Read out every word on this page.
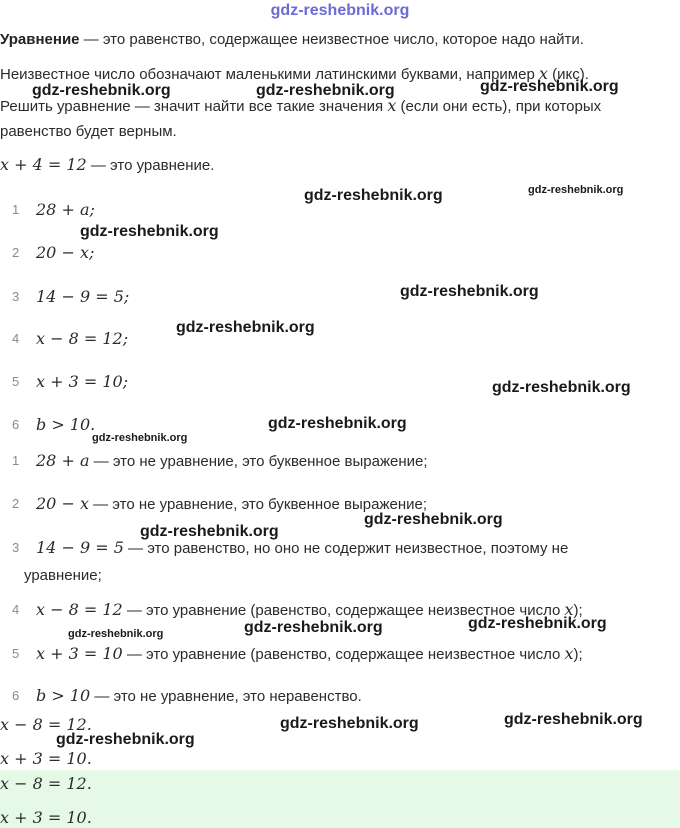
gdz-reshebnik.org
Уравнение — это равенство, содержащее неизвестное число, которое надо найти.
Неизвестное число обозначают маленькими латинскими буквами, например x (икс).
Решить уравнение — значит найти все такие значения x (если они есть), при которых
равенство будет верным.
x + 4 = 12 — это уравнение.
1 28 + a;
2 20 − x;
3 14 − 9 = 5;
4 x − 8 = 12;
5 x + 3 = 10;
6 b > 10.
1 28 + a — это не уравнение, это буквенное выражение;
2 20 − x — это не уравнение, это буквенное выражение;
3 14 − 9 = 5 — это равенство, но оно не содержит неизвестное, поэтому не
уравнение;
4 x − 8 = 12 — это уравнение (равенство, содержащее неизвестное число x);
5 x + 3 = 10 — это уравнение (равенство, содержащее неизвестное число x);
6 b > 10 — это не уравнение, это неравенство.
x − 8 = 12.
x + 3 = 10.
x − 8 = 12.
x + 3 = 10.
gdz-reshebnik.org	gdz-reshebnik.org	gdz-reshebnik.org
gdz-reshebnik.org	gdz-reshebnik.org
gdz-reshebnik.org
gdz-reshebnik.org
gdz-reshebnik.org
gdz-reshebnik.org
gdz-reshebnik.org
gdz-reshebnik.org
gdz-reshebnik.org
gdz-reshebnik.org
gdz-reshebnik.org	gdz-reshebnik.org
gdz-reshebnik.org
gdz-reshebnik.org	gdz-reshebnik.org
gdz-reshebnik.org
